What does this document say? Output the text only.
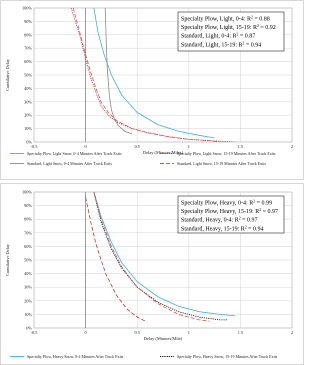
0%
10%
20%
30%
40%
50%
60%
70%
80%
90%
100%
-0.5	0	0.5	1	1.5	2
Delay (Minutes/Miles)
Cumulative Delay
Specialty Plow, Light, 0-4: $R^2 = 0.88$
Specialty Plow, Light, 15-19: $R^2 = 0.92$
Standard, Light, 0-4: $R^2 = 0.87$
Standard, Light, 15-19: $R^2 = 0.94$
Specialty Plow, Light Snow, 0-4 Minutes After Truck Exits	Specialty Plow, Light Snow, 15-19 Minutes After Truck Exits
Standard, Light Snow, 0-4 Minutes After Truck Exits	Standard, Light Snow, 15-19 Minutes After Truck Exits
0%
10%
20%
30%
40%
50%
60%
70%
80%
90%
100%
-0.5	0	0.5	1	1.5	2
Delay (Minutes/Mile)
Cumulative Delay
Specialty Plow, Heavy, 0-4: $R^2 = 0.99$
Specialty Plow, Heavy, 15-19: $R^2 = 0.97$
Standard, Heavy, 0-4: $R^2 = 0.97$
Standard, Heavy, 15-19: $R^2 = 0.94$
Specialty Plow, Heavy Snow, 0-4 Minutes After Truck Exits	Specialty Plow, Heavy Snow, 15-19 Minutes After Truck Exits
